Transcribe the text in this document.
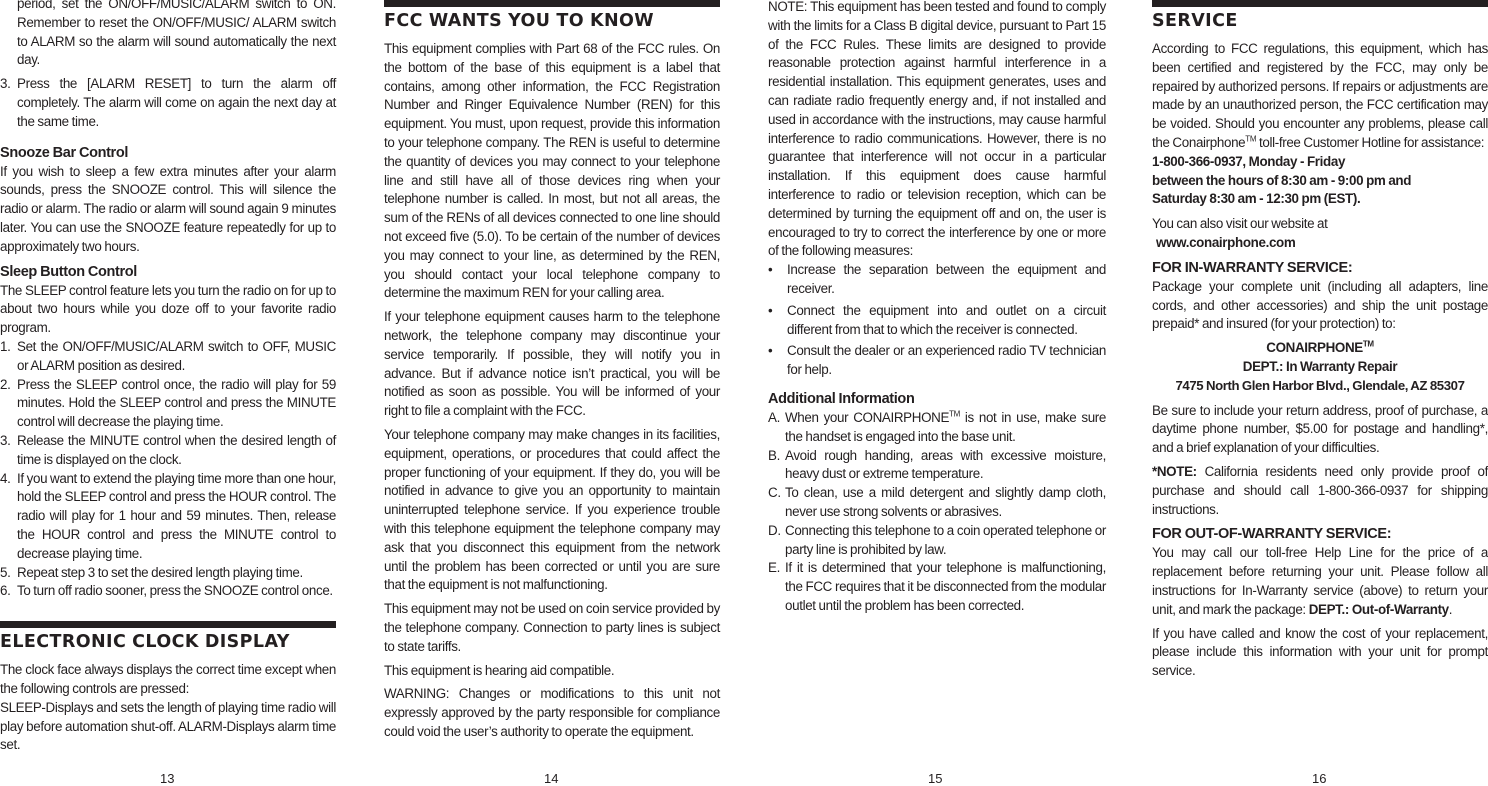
period, set the ON/OFF/MUSIC/ALARM switch to ON. Remember to reset the ON/OFF/MUSIC/ ALARM switch to ALARM so the alarm will sound automatically the next day.

3. Press the [ALARM RESET] to turn the alarm off completely. The alarm will come on again the next day at the same time.
Snooze Bar Control

If you wish to sleep a few extra minutes after your alarm sounds, press the SNOOZE control. This will silence the radio or alarm. The radio or alarm will sound again 9 minutes later. You can use the SNOOZE feature repeatedly for up to approximately two hours.

Sleep Button Control

The SLEEP control feature lets you turn the radio on for up to about two hours while you doze off to your favorite radio program.

1. Set the ON/OFF/MUSIC/ALARM switch to OFF, MUSIC or ALARM position as desired.
2. Press the SLEEP control once, the radio will play for 59 minutes. Hold the SLEEP control and press the MINUTE control will decrease the playing time.
3. Release the MINUTE control when the desired length of time is displayed on the clock.
4. If you want to extend the playing time more than one hour, hold the SLEEP control and press the HOUR control. The radio will play for 1 hour and 59 minutes. Then, release the HOUR control and press the MINUTE control to decrease playing time.
5. Repeat step 3 to set the desired length playing time.
6. To turn off radio sooner, press the SNOOZE control once.
ELECTRONIC CLOCK DISPLAY

The clock face always displays the correct time except when the following controls are pressed:

SLEEP-Displays and sets the length of playing time radio will play before automation shut-off. ALARM-Displays alarm time set.

FCC WANTS YOU TO KNOW

This equipment complies with Part 68 of the FCC rules. On the bottom of the base of this equipment is a label that contains, among other information, the FCC Registration Number and Ringer Equivalence Number (REN) for this equipment. You must, upon request, provide this information to your telephone company. The REN is useful to determine the quantity of devices you may connect to your telephone line and still have all of those devices ring when your telephone number is called. In most, but not all areas, the sum of the RENs of all devices connected to one line should not exceed five (5.0). To be certain of the number of devices you may connect to your line, as determined by the REN, you should contact your local telephone company to determine the maximum REN for your calling area.

If your telephone equipment causes harm to the telephone network, the telephone company may discontinue your service temporarily. If possible, they will notify you in advance. But if advance notice isn’t practical, you will be notified as soon as possible. You will be informed of your right to file a complaint with the FCC.

Your telephone company may make changes in its facilities, equipment, operations, or procedures that could affect the proper functioning of your equipment. If they do, you will be notified in advance to give you an opportunity to maintain uninterrupted telephone service. If you experience trouble with this telephone equipment the telephone company may ask that you disconnect this equipment from the network until the problem has been corrected or until you are sure that the equipment is not malfunctioning.

This equipment may not be used on coin service provided by the telephone company. Connection to party lines is subject to state tariffs.

This equipment is hearing aid compatible.

WARNING: Changes or modifications to this unit not expressly approved by the party responsible for compliance could void the user’s authority to operate the equipment.

NOTE: This equipment has been tested and found to comply with the limits for a Class B digital device, pursuant to Part 15 of the FCC Rules. These limits are designed to provide reasonable protection against harmful interference in a residential installation. This equipment generates, uses and can radiate radio frequently energy and, if not installed and used in accordance with the instructions, may cause harmful interference to radio communications. However, there is no guarantee that interference will not occur in a particular installation. If this equipment does cause harmful interference to radio or television reception, which can be determined by turning the equipment off and on, the user is encouraged to try to correct the interference by one or more of the following measures:

•	Increase the separation between the equipment and receiver.
•	Connect the equipment into and outlet on a circuit different from that to which the receiver is connected.
•	Consult the dealer or an experienced radio TV technician for help.
Additional Information
A. When your CONAIRPHONE™ is not in use, make sure the handset is engaged into the base unit.
B. Avoid rough handing, areas with excessive moisture, heavy dust or extreme temperature.
C. To clean, use a mild detergent and slightly damp cloth, never use strong solvents or abrasives.
D. Connecting this telephone to a coin operated telephone or party line is prohibited by law.
E. If it is determined that your telephone is malfunctioning, the FCC requires that it be disconnected from the modular outlet until the problem has been corrected.
SERVICE

According to FCC regulations, this equipment, which has been certified and registered by the FCC, may only be repaired by authorized persons. If repairs or adjustments are made by an unauthorized person, the FCC certification may be voided. Should you encounter any problems, please call the Conairphone™ toll-free Customer Hotline for assistance:

1-800-366-0937, Monday - Friday
between the hours of 8:30 am - 9:00 pm and
Saturday 8:30 am - 12:30 pm (EST).
You can also visit our website at
www.conairphone.com
FOR IN-WARRANTY SERVICE:

Package your complete unit (including all adapters, line cords, and other accessories) and ship the unit postage prepaid* and insured (for your protection) to:

CONAIRPHONE™
DEPT.: In Warranty Repair
7475 North Glen Harbor Blvd., Glendale, AZ 85307

Be sure to include your return address, proof of purchase, a daytime phone number, $5.00 for postage and handling*, and a brief explanation of your difficulties.

*NOTE: California residents need only provide proof of purchase and should call 1-800-366-0937 for shipping instructions.

FOR OUT-OF-WARRANTY SERVICE:

You may call our toll-free Help Line for the price of a replacement before returning your unit. Please follow all instructions for In-Warranty service (above) to return your unit, and mark the package: DEPT.: Out-of-Warranty.

If you have called and know the cost of your replacement, please include this information with your unit for prompt service.

13	14	15	16
